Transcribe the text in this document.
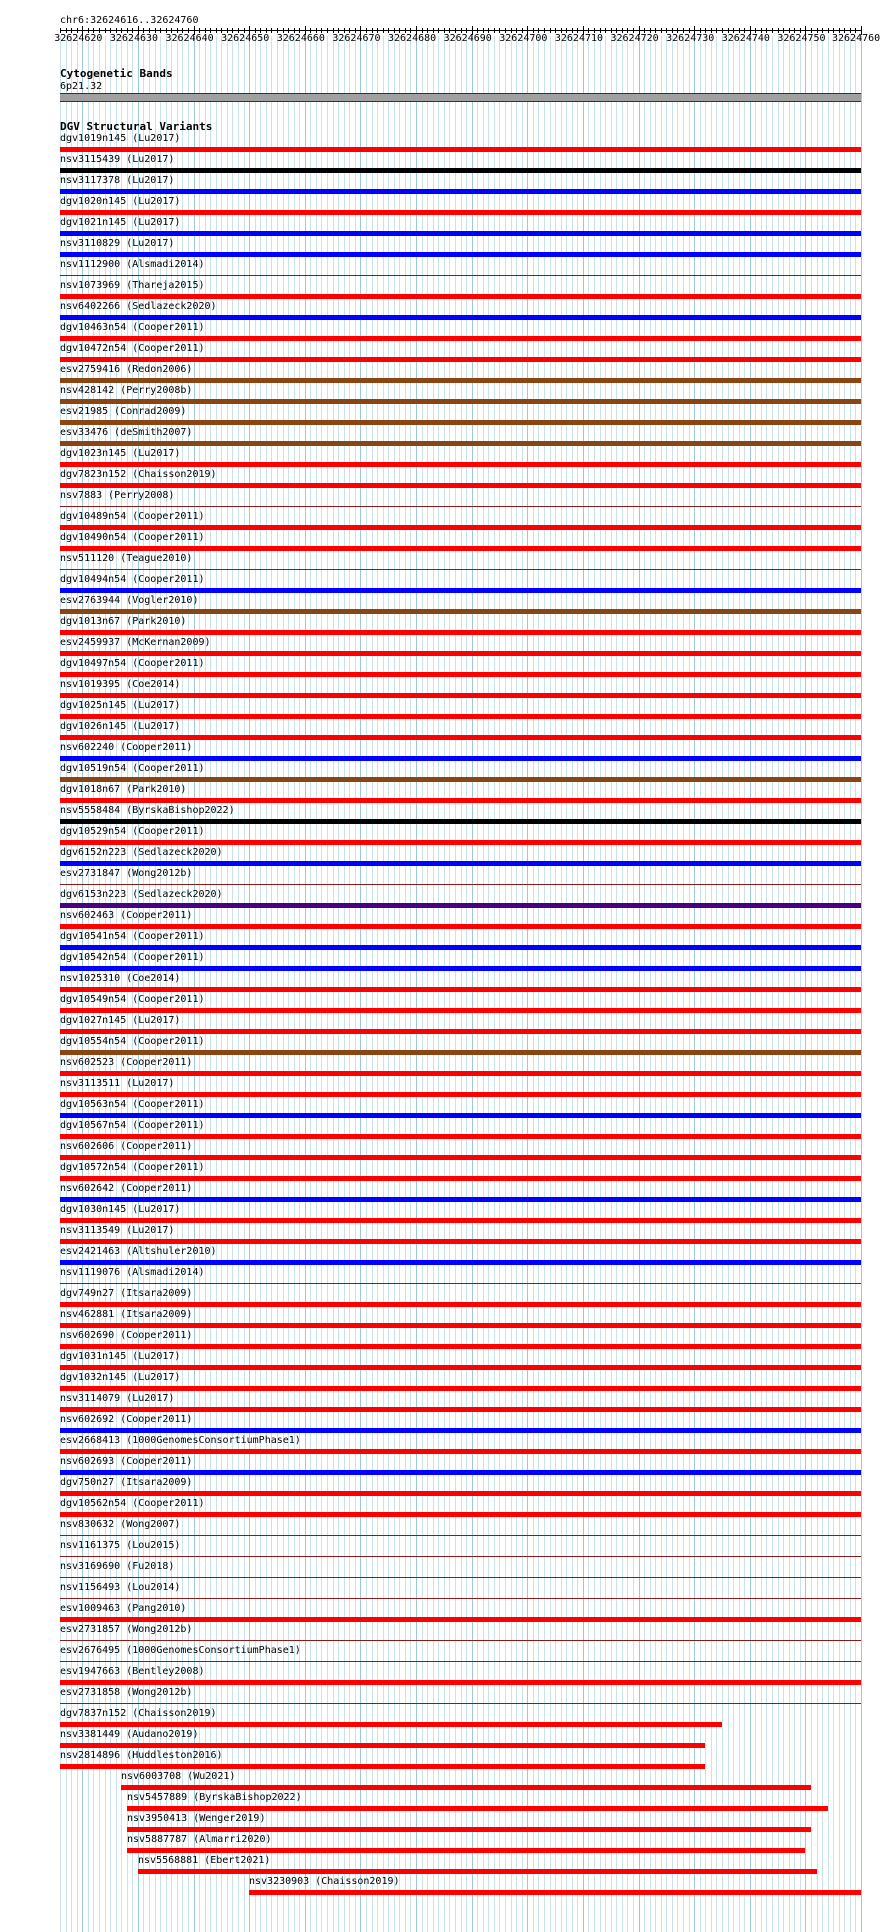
chr6:32624616..32624760
32624620 32624630 32624640 32624650 32624660 32624670 32624680 32624690 32624700 32624710 32624720 32624730 32624740 32624750 32624760
Cytogenetic Bands
6p21.32
DGV Structural Variants
dgv1019n145 (Lu2017)
nsv3115439 (Lu2017)
nsv3117378 (Lu2017)
dgv1020n145 (Lu2017)
dgv1021n145 (Lu2017)
nsv3110829 (Lu2017)
nsv1112900 (Alsmadi2014)
nsv1073969 (Thareja2015)
nsv6402266 (Sedlazeck2020)
dgv10463n54 (Cooper2011)
dgv10472n54 (Cooper2011)
esv2759416 (Redon2006)
nsv428142 (Perry2008b)
esv21985 (Conrad2009)
esv33476 (deSmith2007)
dgv1023n145 (Lu2017)
dgv7823n152 (Chaisson2019)
nsv7883 (Perry2008)
dgv10489n54 (Cooper2011)
dgv10490n54 (Cooper2011)
nsv511120 (Teague2010)
dgv10494n54 (Cooper2011)
esv2763944 (Vogler2010)
dgv1013n67 (Park2010)
esv2459937 (McKernan2009)
dgv10497n54 (Cooper2011)
nsv1019395 (Coe2014)
dgv1025n145 (Lu2017)
dgv1026n145 (Lu2017)
nsv602240 (Cooper2011)
dgv10519n54 (Cooper2011)
dgv1018n67 (Park2010)
nsv5558484 (ByrskaBishop2022)
dgv10529n54 (Cooper2011)
dgv6152n223 (Sedlazeck2020)
esv2731847 (Wong2012b)
dgv6153n223 (Sedlazeck2020)
nsv602463 (Cooper2011)
dgv10541n54 (Cooper2011)
dgv10542n54 (Cooper2011)
nsv1025310 (Coe2014)
dgv10549n54 (Cooper2011)
dgv1027n145 (Lu2017)
dgv10554n54 (Cooper2011)
nsv602523 (Cooper2011)
nsv3113511 (Lu2017)
dgv10563n54 (Cooper2011)
dgv10567n54 (Cooper2011)
nsv602606 (Cooper2011)
dgv10572n54 (Cooper2011)
nsv602642 (Cooper2011)
dgv1030n145 (Lu2017)
nsv3113549 (Lu2017)
esv2421463 (Altshuler2010)
nsv1119076 (Alsmadi2014)
dgv749n27 (Itsara2009)
nsv462881 (Itsara2009)
nsv602690 (Cooper2011)
dgv1031n145 (Lu2017)
dgv1032n145 (Lu2017)
nsv3114079 (Lu2017)
nsv602692 (Cooper2011)
esv2668413 (1000GenomesConsortiumPhase1)
nsv602693 (Cooper2011)
dgv750n27 (Itsara2009)
dgv10562n54 (Cooper2011)
nsv830632 (Wong2007)
nsv1161375 (Lou2015)
nsv3169690 (Fu2018)
nsv1156493 (Lou2014)
esv1009463 (Pang2010)
esv2731857 (Wong2012b)
esv2676495 (1000GenomesConsortiumPhase1)
esv1947663 (Bentley2008)
esv2731858 (Wong2012b)
dgv7837n152 (Chaisson2019)
nsv3381449 (Audano2019)
nsv2814896 (Huddleston2016)
nsv6003708 (Wu2021)
nsv5457889 (ByrskaBishop2022)
nsv3950413 (Wenger2019)
nsv5887787 (Almarri2020)
nsv5568881 (Ebert2021)
nsv3230903 (Chaisson2019)
